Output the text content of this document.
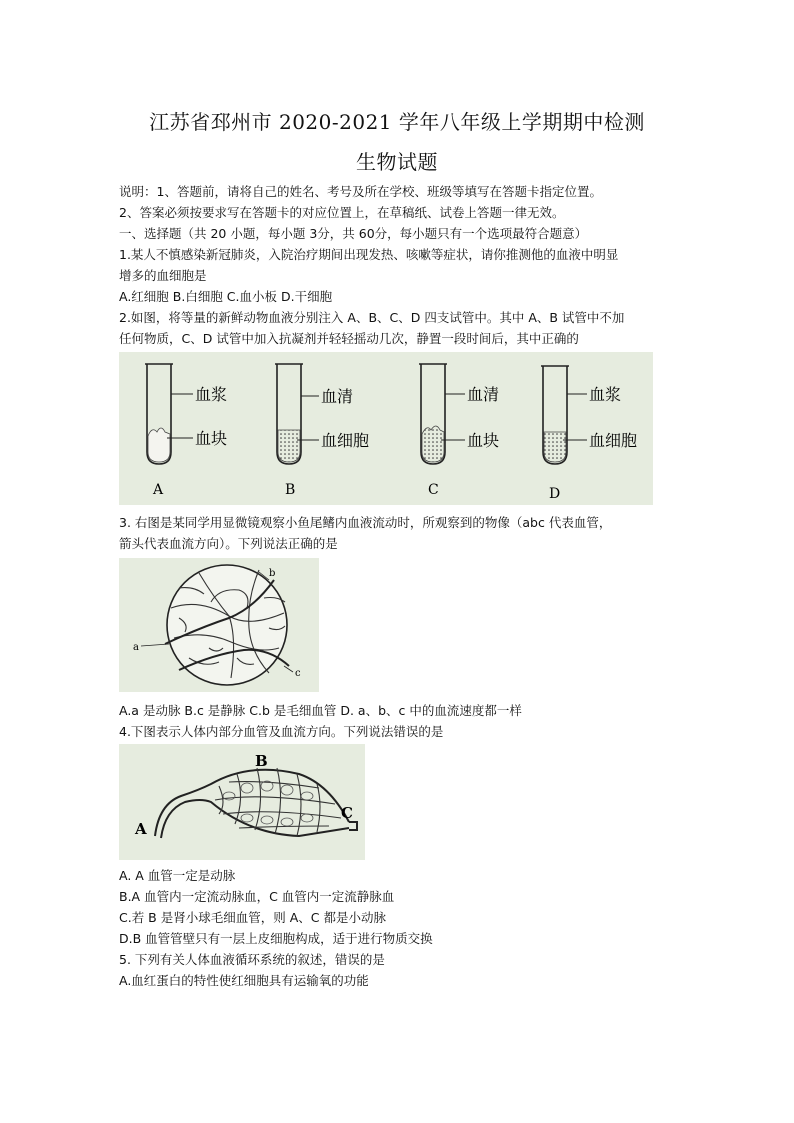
江苏省邳州市 2020-2021 学年八年级上学期期中检测
生物试题
说明：1、答题前，请将自己的姓名、考号及所在学校、班级等填写在答题卡指定位置。
2、答案必须按要求写在答题卡的对应位置上，在草稿纸、试卷上答题一律无效。
一、选择题（共 20 小题，每小题 3分，共 60分，每小题只有一个选项最符合题意）
1.某人不慎感染新冠肺炎，入院治疗期间出现发热、咳嗽等症状，请你推测他的血液中明显
增多的血细胞是
A.红细胞 B.白细胞 C.血小板 D.干细胞
2.如图，将等量的新鲜动物血液分别注入 A、B、C、D 四支试管中。其中 A、B 试管中不加
任何物质，C、D 试管中加入抗凝剂并轻轻摇动几次，静置一段时间后，其中正确的
血浆
血块
A
血清
血细胞
B
血清
血块
C
血浆
血细胞
D
3. 右图是某同学用显微镜观察小鱼尾鳍内血液流动时，所观察到的物像（abc 代表血管，
箭头代表血流方向）。下列说法正确的是
a
b
c
A.a 是动脉 B.c 是静脉 C.b 是毛细血管 D. a、b、c 中的血流速度都一样
4.下图表示人体内部分血管及血流方向。下列说法错误的是
B
A
C
A. A 血管一定是动脉
B.A 血管内一定流动脉血，C 血管内一定流静脉血
C.若 B 是肾小球毛细血管，则 A、C 都是小动脉
D.B 血管管壁只有一层上皮细胞构成，适于进行物质交换
5. 下列有关人体血液循环系统的叙述，错误的是
A.血红蛋白的特性使红细胞具有运输氧的功能
